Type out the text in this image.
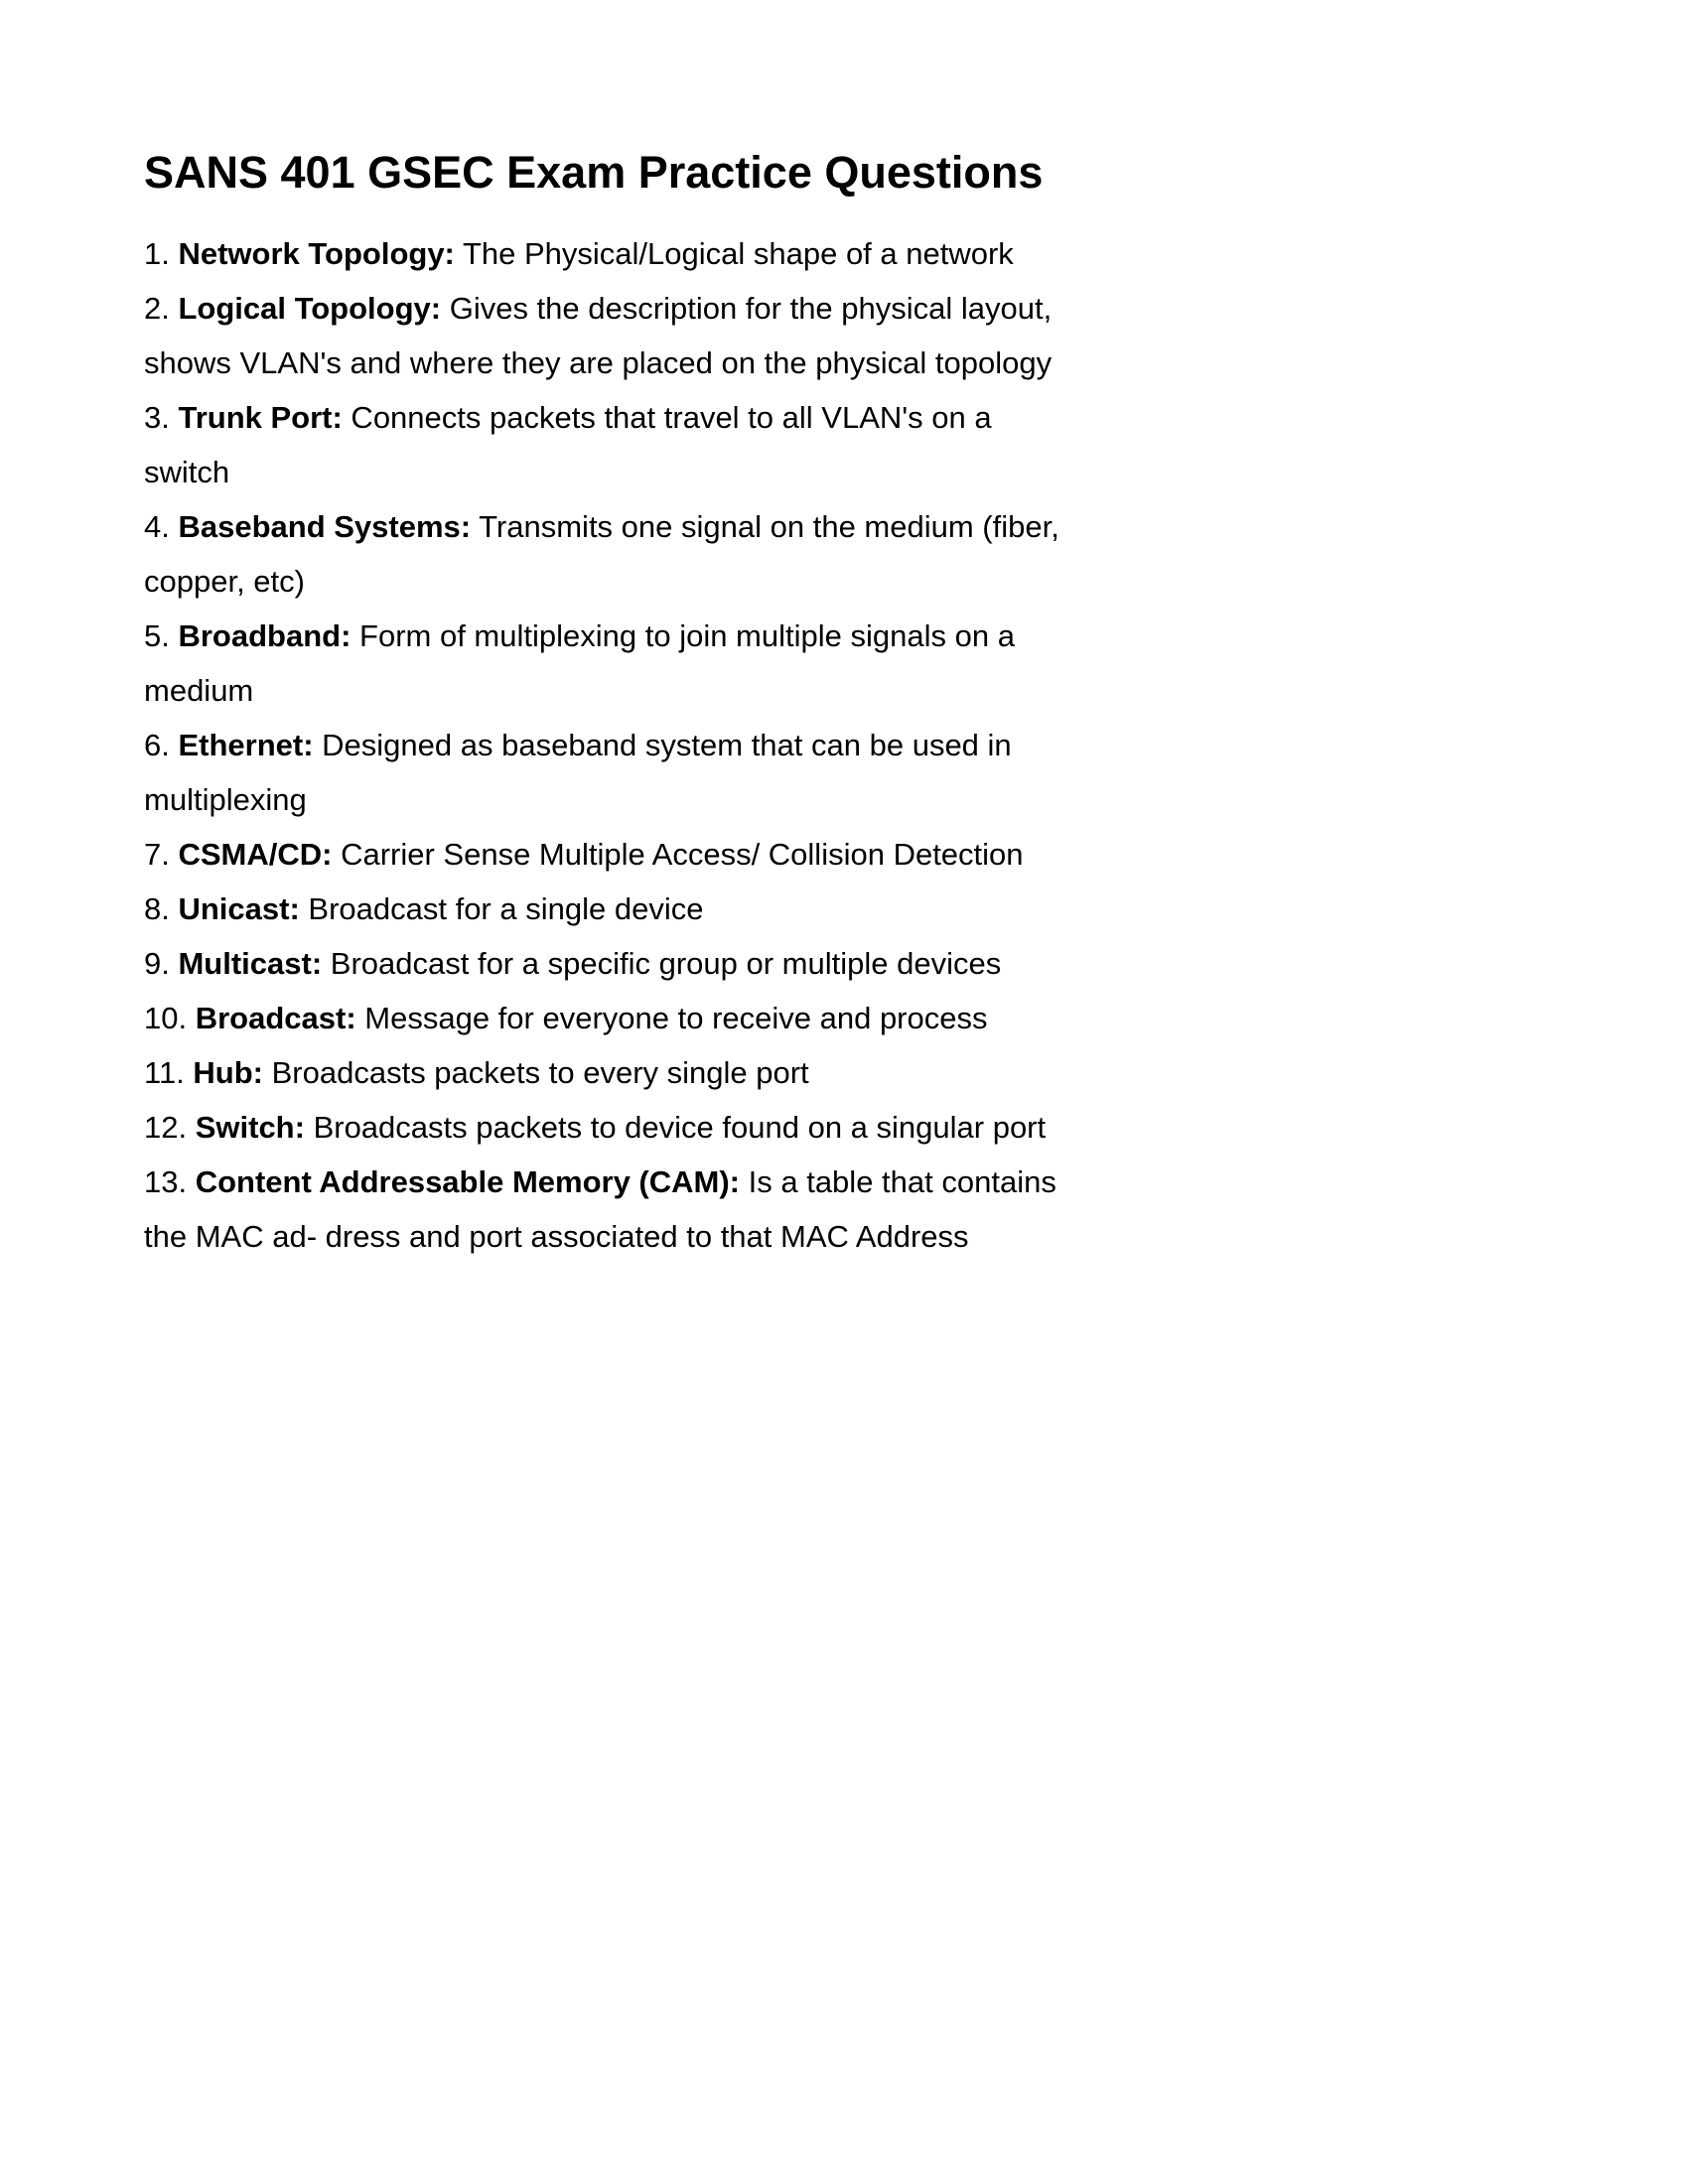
SANS 401 GSEC Exam Practice Questions

1. Network Topology: The Physical/Logical shape of a network

2. Logical Topology: Gives the description for the physical layout, shows VLAN's and where they are placed on the physical topology

3. Trunk Port: Connects packets that travel to all VLAN's on a switch

4. Baseband Systems: Transmits one signal on the medium (fiber, copper, etc)

5. Broadband: Form of multiplexing to join multiple signals on a medium

6. Ethernet: Designed as baseband system that can be used in multiplexing

7. CSMA/CD: Carrier Sense Multiple Access/ Collision Detection

8. Unicast: Broadcast for a single device

9. Multicast: Broadcast for a specific group or multiple devices

10. Broadcast: Message for everyone to receive and process

11. Hub: Broadcasts packets to every single port

12. Switch: Broadcasts packets to device found on a singular port

13. Content Addressable Memory (CAM): Is a table that contains the MAC ad- dress and port associated to that MAC Address
